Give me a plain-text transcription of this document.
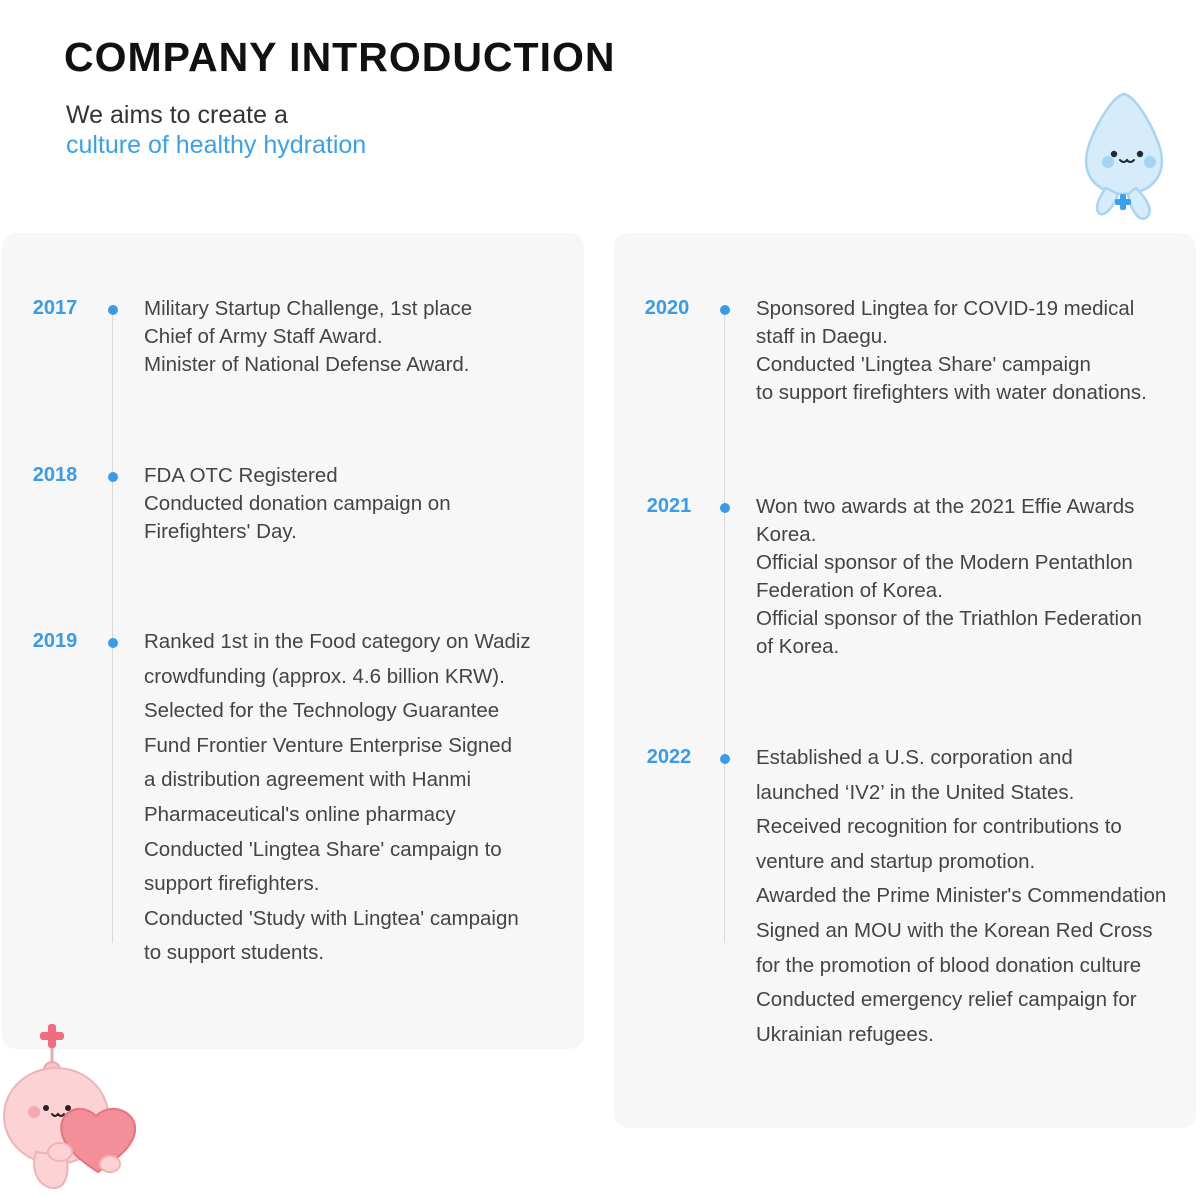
COMPANY INTRODUCTION
We aims to create a
culture of healthy hydration
2017	Military Startup Challenge, 1st place
Chief of Army Staff Award.
Minister of National Defense Award.

2018	FDA OTC Registered
Conducted donation campaign on
Firefighters' Day.

2019	Ranked 1st in the Food category on Wadiz
crowdfunding (approx. 4.6 billion KRW).
Selected for the Technology Guarantee
Fund Frontier Venture Enterprise Signed
a distribution agreement with Hanmi
Pharmaceutical's online pharmacy
Conducted 'Lingtea Share' campaign to
support firefighters.
Conducted 'Study with Lingtea' campaign
to support students.

2020	Sponsored Lingtea for COVID-19 medical
staff in Daegu.
Conducted 'Lingtea Share' campaign
to support firefighters with water donations.

2021	Won two awards at the 2021 Effie Awards
Korea.
Official sponsor of the Modern Pentathlon
Federation of Korea.
Official sponsor of the Triathlon Federation
of Korea.

2022	Established a U.S. corporation and
launched ‘IV2’ in the United States.
Received recognition for contributions to
venture and startup promotion.
Awarded the Prime Minister's Commendation
Signed an MOU with the Korean Red Cross
for the promotion of blood donation culture
Conducted emergency relief campaign for
Ukrainian refugees.
